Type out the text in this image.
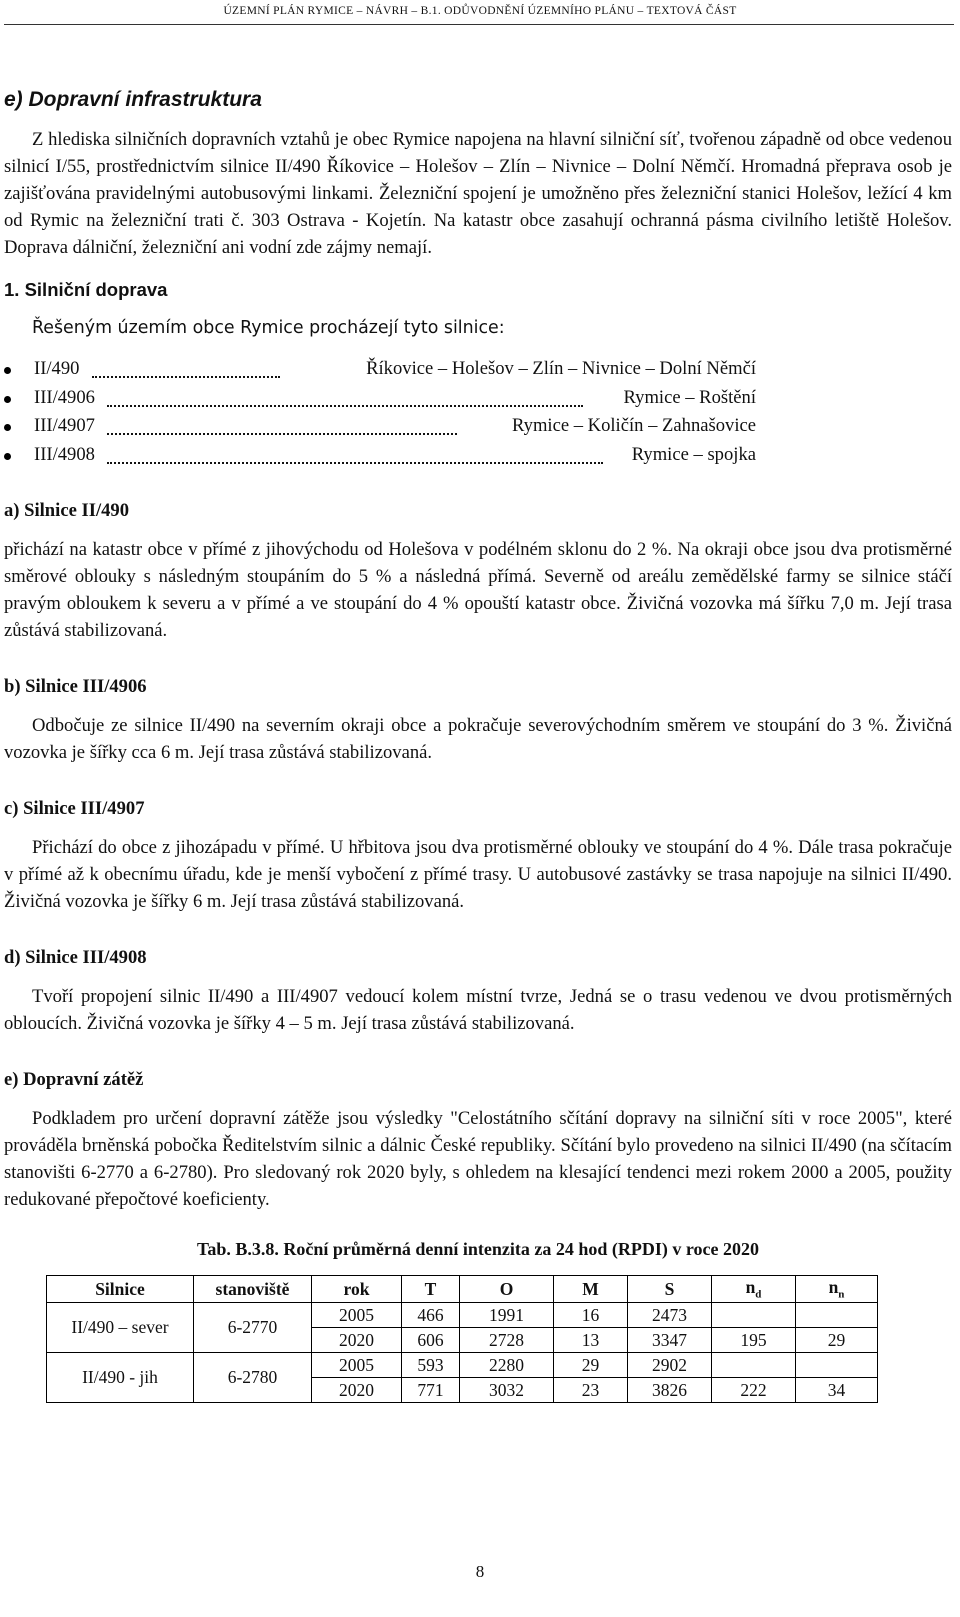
ÚZEMNÍ PLÁN RYMICE – NÁVRH – B.1. ODŮVODNĚNÍ ÚZEMNÍHO PLÁNU – TEXTOVÁ ČÁST
e) Dopravní infrastruktura

Z hlediska silničních dopravních vztahů je obec Rymice napojena na hlavní silniční síť, tvořenou západně od obce vedenou silnicí I/55, prostřednictvím silnice II/490 Říkovice – Holešov – Zlín – Nivnice – Dolní Němčí. Hromadná přeprava osob je zajišťována pravidelnými autobusovými linkami. Železniční spojení je umožněno přes železniční stanici Holešov, ležící 4 km od Rymic na železniční trati č. 303 Ostrava - Kojetín. Na katastr obce zasahují ochranná pásma civilního letiště Holešov. Doprava dálniční, železniční ani vodní zde zájmy nemají.

1. Silniční doprava

Řešeným územím obce Rymice procházejí tyto silnice:

II/490	Říkovice – Holešov – Zlín – Nivnice – Dolní Němčí
III/4906	Rymice – Roštění
III/4907	Rymice – Količín – Zahnašovice
III/4908	Rymice – spojka
a) Silnice II/490

přichází na katastr obce v přímé z jihovýchodu od Holešova v podélném sklonu do 2 %. Na okraji obce jsou dva protisměrné směrové oblouky s následným stoupáním do 5 % a následná přímá. Severně od areálu zemědělské farmy se silnice stáčí pravým obloukem k severu a v přímé a ve stoupání do 4 % opouští katastr obce. Živičná vozovka má šířku 7,0 m. Její trasa zůstává stabilizovaná.

b) Silnice III/4906

Odbočuje ze silnice II/490 na severním okraji obce a pokračuje severovýchodním směrem ve stoupání do 3 %. Živičná vozovka je šířky cca 6 m. Její trasa zůstává stabilizovaná.

c) Silnice III/4907

Přichází do obce z jihozápadu v přímé. U hřbitova jsou dva protisměrné oblouky ve stoupání do 4 %. Dále trasa pokračuje v přímé až k obecnímu úřadu, kde je menší vybočení z přímé trasy. U autobusové zastávky se trasa napojuje na silnici II/490. Živičná vozovka je šířky 6 m. Její trasa zůstává stabilizovaná.

d) Silnice III/4908

Tvoří propojení silnic II/490 a III/4907 vedoucí kolem místní tvrze, Jedná se o trasu vedenou ve dvou protisměrných obloucích. Živičná vozovka je šířky 4 – 5 m. Její trasa zůstává stabilizovaná.

e) Dopravní zátěž

Podkladem pro určení dopravní zátěže jsou výsledky "Celostátního sčítání dopravy na silniční síti v roce 2005", které prováděla brněnská pobočka Ředitelstvím silnic a dálnic České republiky. Sčítání bylo provedeno na silnici II/490 (na sčítacím stanovišti 6-2770 a 6-2780). Pro sledovaný rok 2020 byly, s ohledem na klesající tendenci mezi rokem 2000 a 2005, použity redukované přepočtové koeficienty.

Tab. B.3.8. Roční průměrná denní intenzita za 24 hod (RPDI) v roce 2020
Silnice	stanoviště	rok	T	O	M	S	$n_d$	$n_n$
II/490 – sever	6-2770	2005	466	1991	16	2473		
		2020	606	2728	13	3347	195	29
II/490 - jih	6-2780	2005	593	2280	29	2902		
		2020	771	3032	23	3826	222	34
8
